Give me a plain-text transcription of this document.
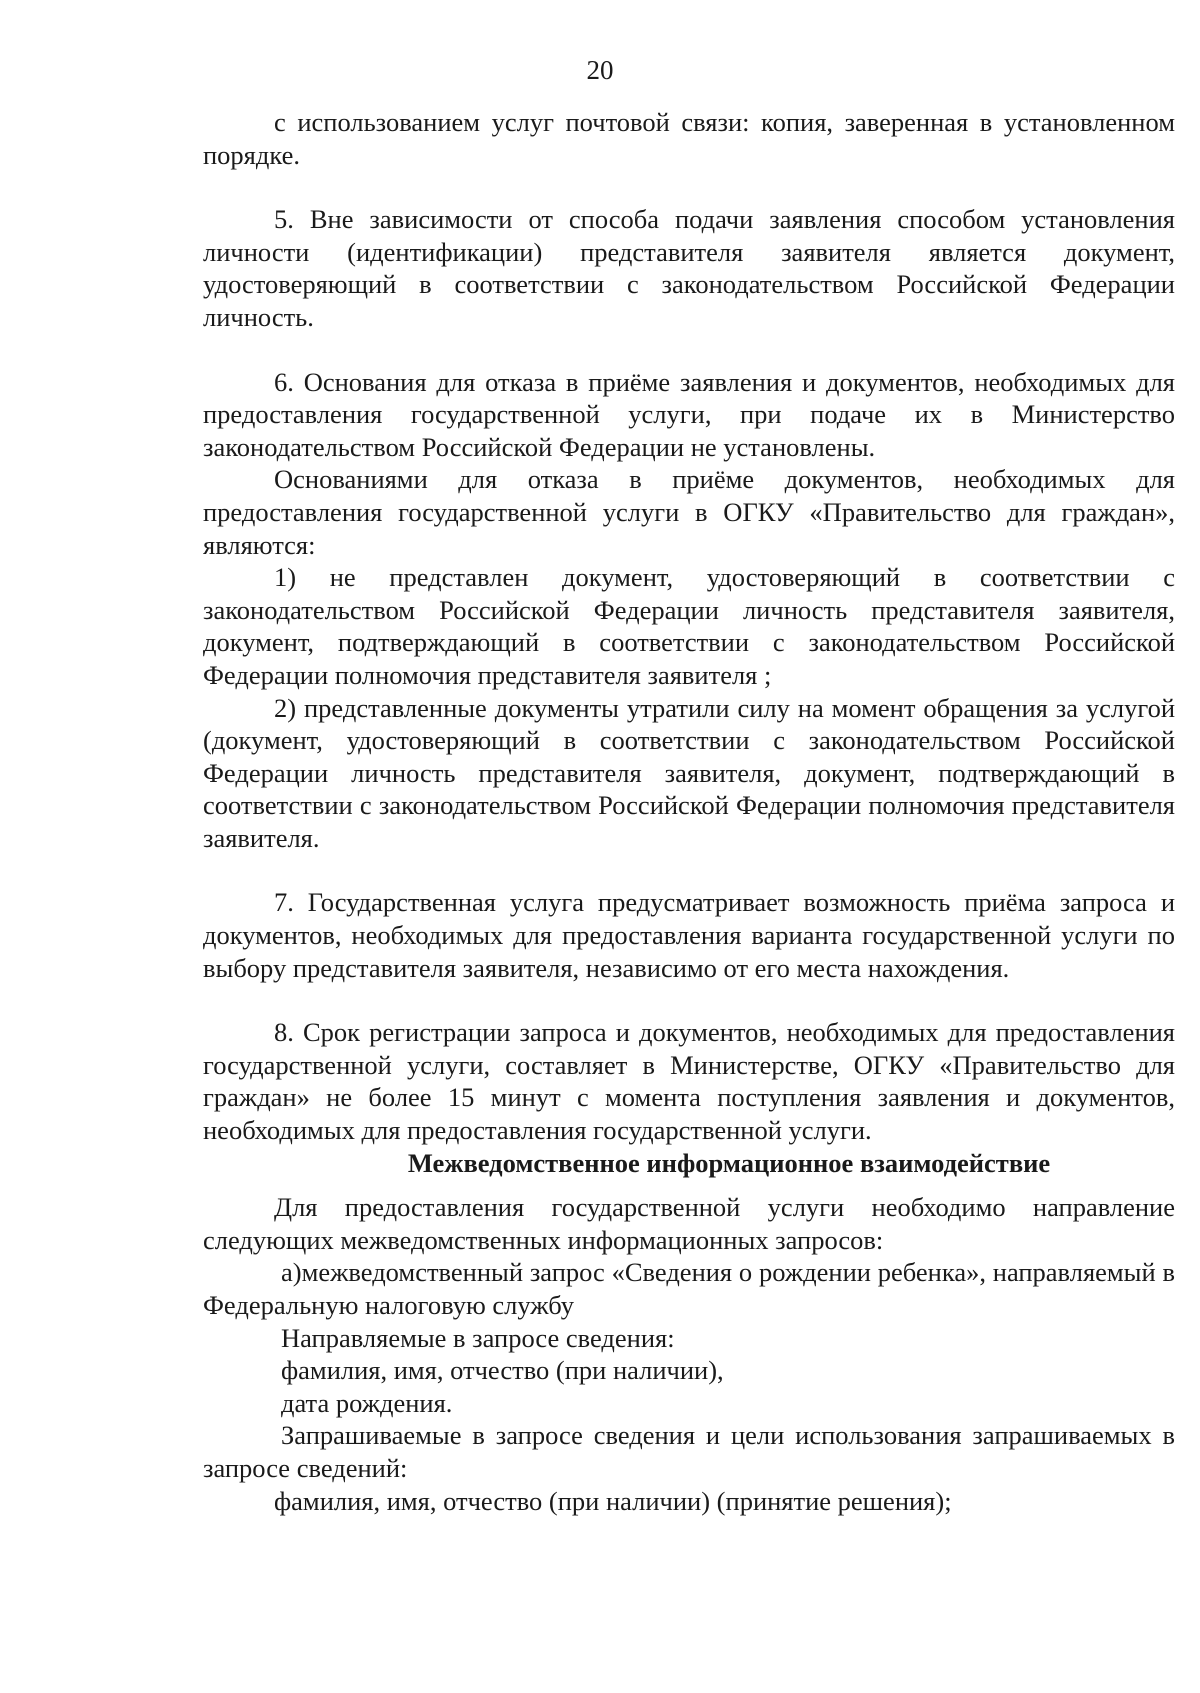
20

с использованием услуг почтовой связи: копия, заверенная в установленном порядке.

5. Вне зависимости от способа подачи заявления способом установления личности (идентификации) представителя заявителя является документ, удостоверяющий в соответствии с законодательством Российской Федерации личность.

6. Основания для отказа в приёме заявления и документов, необходимых для предоставления государственной услуги, при подаче их в Министерство законодательством Российской Федерации не установлены.

Основаниями для отказа в приёме документов, необходимых для предоставления государственной услуги в ОГКУ «Правительство для граждан», являются:

1) не представлен документ, удостоверяющий в соответствии с законодательством Российской Федерации личность представителя заявителя, документ, подтверждающий в соответствии с законодательством Российской Федерации полномочия представителя заявителя ;

2) представленные документы утратили силу на момент обращения за услугой (документ, удостоверяющий в соответствии с законодательством Российской Федерации личность представителя заявителя, документ, подтверждающий в соответствии с законодательством Российской Федерации полномочия представителя заявителя.

7. Государственная услуга предусматривает возможность приёма запроса и документов, необходимых для предоставления варианта государственной услуги по выбору представителя заявителя, независимо от его места нахождения.

8. Срок регистрации запроса и документов, необходимых для предоставления государственной услуги, составляет в Министерстве, ОГКУ «Правительство для граждан» не более 15 минут с момента поступления заявления и документов, необходимых для предоставления государственной услуги.

Межведомственное информационное взаимодействие

Для предоставления государственной услуги необходимо направление следующих межведомственных информационных запросов:

а)межведомственный запрос «Сведения о рождении ребенка», направляемый в Федеральную налоговую службу

Направляемые в запросе сведения:

фамилия, имя, отчество (при наличии),

дата рождения.

Запрашиваемые в запросе сведения и цели использования запрашиваемых в запросе сведений:

фамилия, имя, отчество (при наличии) (принятие решения);
